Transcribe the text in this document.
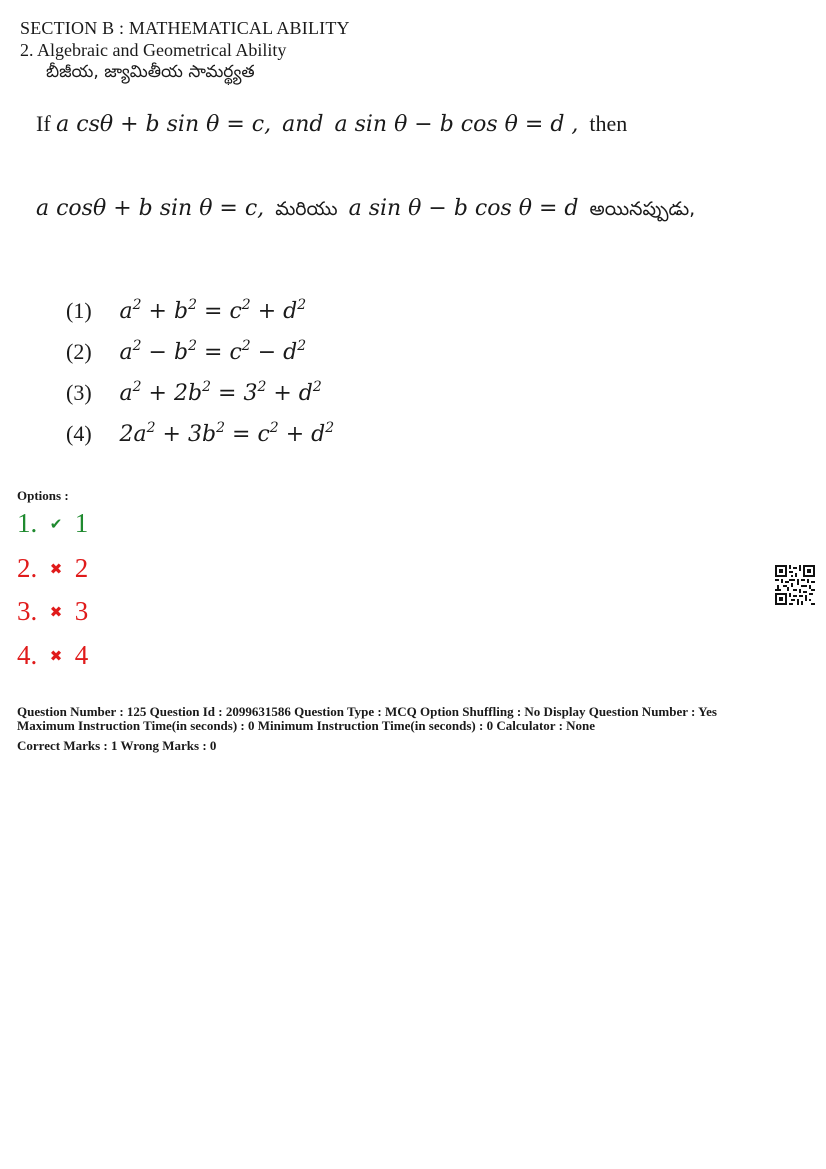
SECTION B : MATHEMATICAL ABILITY
2. Algebraic and Geometrical Ability
బీజీయ, జ్యామితీయ సామర్థ్యత
If a csθ + b sin θ = c, and a sin θ − b cos θ = d , then
a cosθ + b sin θ = c, మరియు a sin θ − b cos θ = d అయినప్పుడు,
(1) $a^2 + b^2 = c^2 + d^2$
(2) $a^2 - b^2 = c^2 - d^2$
(3) $a^2 + 2b^2 = 3^2 + d^2$
(4) $2a^2 + 3b^2 = c^2 + d^2$
Options :
1. ✔ 1
2. ✖ 2
3. ✖ 3
4. ✖ 4
Question Number : 125 Question Id : 2099631586 Question Type : MCQ Option Shuffling : No Display Question Number : Yes
Maximum Instruction Time(in seconds) : 0 Minimum Instruction Time(in seconds) : 0 Calculator : None
Correct Marks : 1 Wrong Marks : 0
